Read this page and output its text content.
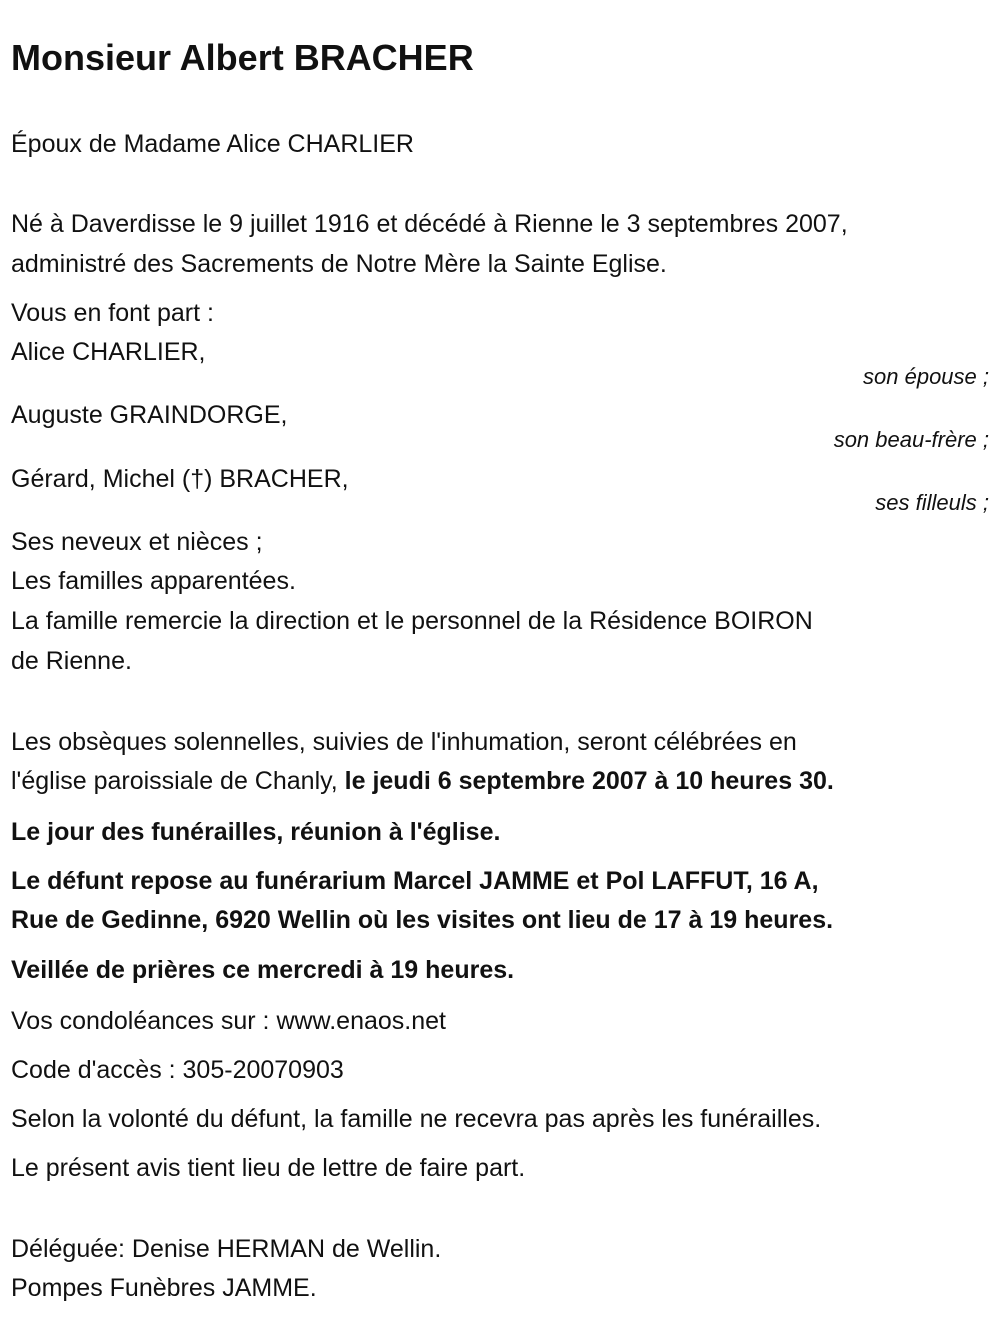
Monsieur Albert BRACHER
Époux de Madame Alice CHARLIER
Né à Daverdisse le 9 juillet 1916 et décédé à Rienne le 3 septembres 2007,
administré des Sacrements de Notre Mère la Sainte Eglise.
Vous en font part :
Alice CHARLIER,
son épouse ;
Auguste GRAINDORGE,
son beau-frère ;
Gérard, Michel (†) BRACHER,
ses filleuls ;
Ses neveux et nièces ;
Les familles apparentées.
La famille remercie la direction et le personnel de la Résidence BOIRON
de Rienne.
Les obsèques solennelles, suivies de l'inhumation, seront célébrées en
l'église paroissiale de Chanly, le jeudi 6 septembre 2007 à 10 heures 30.
Le jour des funérailles, réunion à l'église.
Le défunt repose au funérarium Marcel JAMME et Pol LAFFUT, 16 A,
Rue de Gedinne, 6920 Wellin où les visites ont lieu de 17 à 19 heures.
Veillée de prières ce mercredi à 19 heures.
Vos condoléances sur : www.enaos.net
Code d'accès : 305-20070903
Selon la volonté du défunt, la famille ne recevra pas après les funérailles.
Le présent avis tient lieu de lettre de faire part.
Déléguée: Denise HERMAN de Wellin.
Pompes Funèbres JAMME.
